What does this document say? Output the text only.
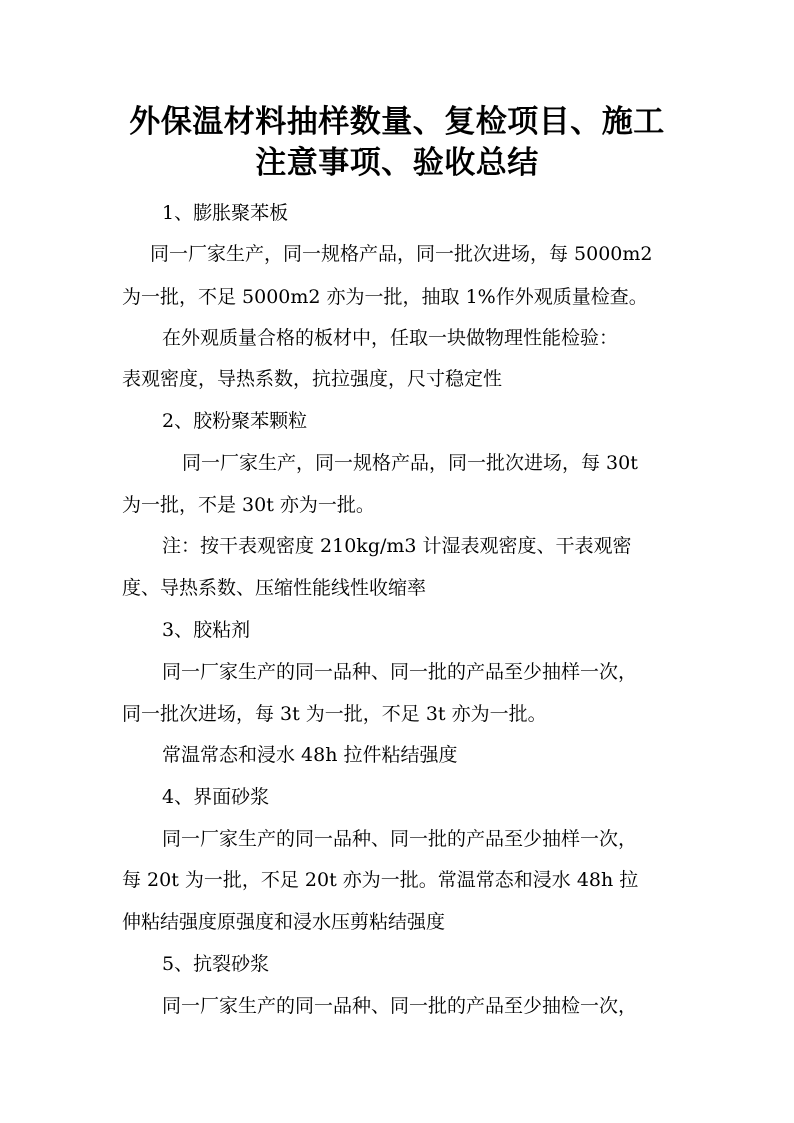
外保温材料抽样数量、复检项目、施工
注意事项、验收总结
1、膨胀聚苯板
同一厂家生产，同一规格产品，同一批次进场，每 5000m2
为一批，不足 5000m2 亦为一批，抽取 1%作外观质量检查。
在外观质量合格的板材中，任取一块做物理性能检验：
表观密度，导热系数，抗拉强度，尺寸稳定性
2、胶粉聚苯颗粒
同一厂家生产，同一规格产品，同一批次进场，每 30t
为一批，不是 30t 亦为一批。
注：按干表观密度 210kg/m3 计湿表观密度、干表观密
度、导热系数、压缩性能线性收缩率
3、胶粘剂
同一厂家生产的同一品种、同一批的产品至少抽样一次，
同一批次进场，每 3t 为一批，不足 3t 亦为一批。
常温常态和浸水 48h 拉件粘结强度
4、界面砂浆
同一厂家生产的同一品种、同一批的产品至少抽样一次，
每 20t 为一批，不足 20t 亦为一批。常温常态和浸水 48h 拉
伸粘结强度原强度和浸水压剪粘结强度
5、抗裂砂浆
同一厂家生产的同一品种、同一批的产品至少抽检一次，
